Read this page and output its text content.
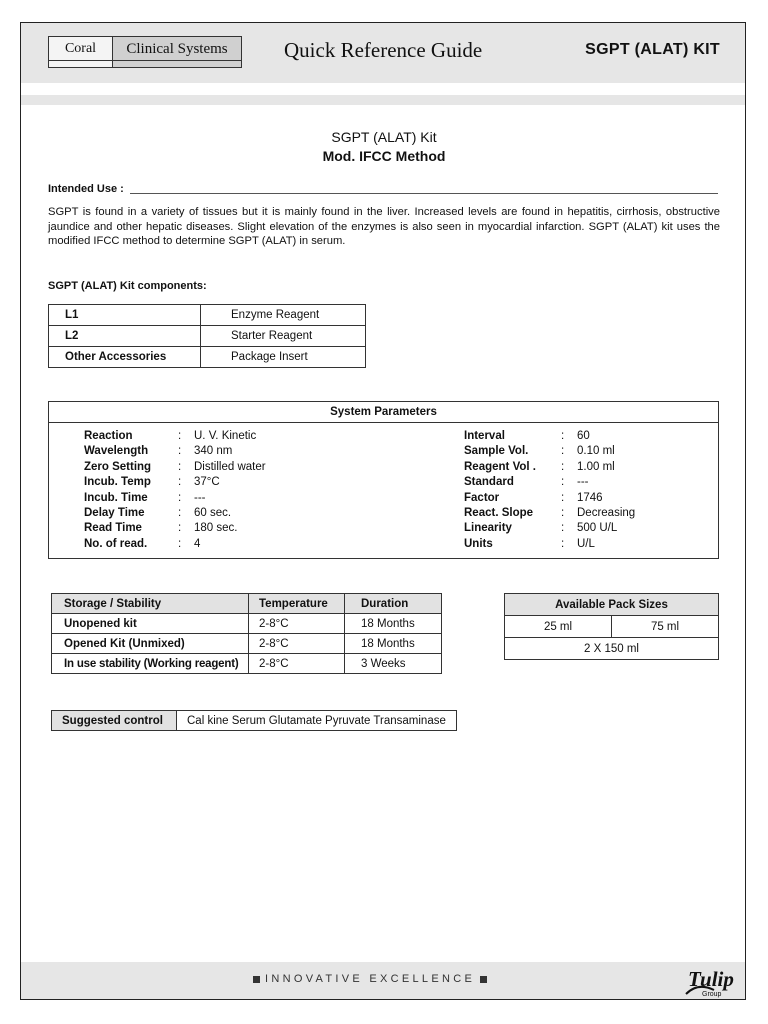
Coral	Clinical Systems	Quick Reference Guide	SGPT (ALAT) KIT
SGPT (ALAT) Kit
Mod. IFCC Method
Intended Use :
SGPT is found in a variety of tissues but it is mainly found in the liver. Increased levels are found in hepatitis, cirrhosis, obstructive jaundice and other hepatic diseases. Slight elevation of the enzymes is also seen in myocardial infarction. SGPT (ALAT) kit uses the modified IFCC method to determine SGPT (ALAT) in serum.
SGPT (ALAT) Kit components:
L1	Enzyme Reagent
L2	Starter Reagent
Other Accessories	Package Insert
System Parameters
Reaction	:	U. V. Kinetic
Wavelength	:	340 nm
Zero Setting	:	Distilled water
Incub. Temp	:	37°C
Incub. Time	:	---
Delay Time	:	60 sec.
Read Time	:	180 sec.
No. of read.	:	4
Interval	:	60
Sample Vol.	:	0.10 ml
Reagent Vol .	:	1.00 ml
Standard	:	---
Factor	:	1746
React. Slope	:	Decreasing
Linearity	:	500 U/L
Units	:	U/L
Storage / Stability	Temperature	Duration
Unopened kit	2-8°C	18 Months
Opened Kit (Unmixed)	2-8°C	18 Months
In use stability (Working reagent)	2-8°C	3 Weeks
Available Pack Sizes
25 ml	75 ml
2 X 150 ml
Suggested control	Cal kine Serum Glutamate Pyruvate Transaminase
INNOVATIVE EXCELLENCE	Tulip
Group
